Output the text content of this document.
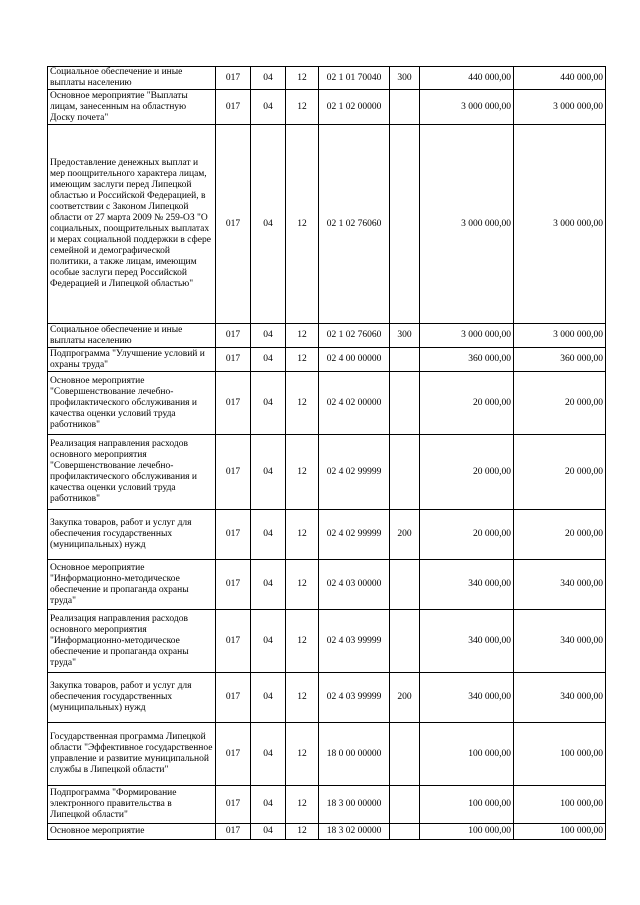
Социальное обеспечение и иные выплаты населению	017	04	12	02 1 01 70040	300	440 000,00	440 000,00
Основное мероприятие "Выплаты лицам, занесенным на областную Доску почета"	017	04	12	02 1 02 00000		3 000 000,00	3 000 000,00
Предоставление денежных выплат и мер поощрительного характера лицам, имеющим заслуги перед Липецкой областью и Российской Федерацией, в соответствии с Законом Липецкой области от 27 марта 2009 № 259-ОЗ "О социальных, поощрительных выплатах и мерах социальной поддержки в сфере семейной и демографической политики, а также лицам, имеющим особые заслуги перед Российской Федерацией и Липецкой областью"	017	04	12	02 1 02 76060		3 000 000,00	3 000 000,00
Социальное обеспечение и иные выплаты населению	017	04	12	02 1 02 76060	300	3 000 000,00	3 000 000,00
Подпрограмма "Улучшение условий и охраны труда"	017	04	12	02 4 00 00000		360 000,00	360 000,00
Основное мероприятие "Совершенствование лечебно-профилактического обслуживания и качества оценки условий труда работников"	017	04	12	02 4 02 00000		20 000,00	20 000,00
Реализация направления расходов основного мероприятия "Совершенствование лечебно-профилактического обслуживания и качества оценки условий труда работников"	017	04	12	02 4 02 99999		20 000,00	20 000,00
Закупка товаров, работ и услуг для обеспечения государственных (муниципальных) нужд	017	04	12	02 4 02 99999	200	20 000,00	20 000,00
Основное мероприятие "Информационно-методическое обеспечение и пропаганда охраны труда"	017	04	12	02 4 03 00000		340 000,00	340 000,00
Реализация направления расходов основного мероприятия "Информационно-методическое обеспечение и пропаганда охраны труда"	017	04	12	02 4 03 99999		340 000,00	340 000,00
Закупка товаров, работ и услуг для обеспечения государственных (муниципальных) нужд	017	04	12	02 4 03 99999	200	340 000,00	340 000,00
Государственная программа Липецкой области "Эффективное государственное управление и развитие муниципальной службы в Липецкой области"	017	04	12	18 0 00 00000		100 000,00	100 000,00
Подпрограмма "Формирование электронного правительства в Липецкой области"	017	04	12	18 3 00 00000		100 000,00	100 000,00
Основное мероприятие	017	04	12	18 3 02 00000		100 000,00	100 000,00
